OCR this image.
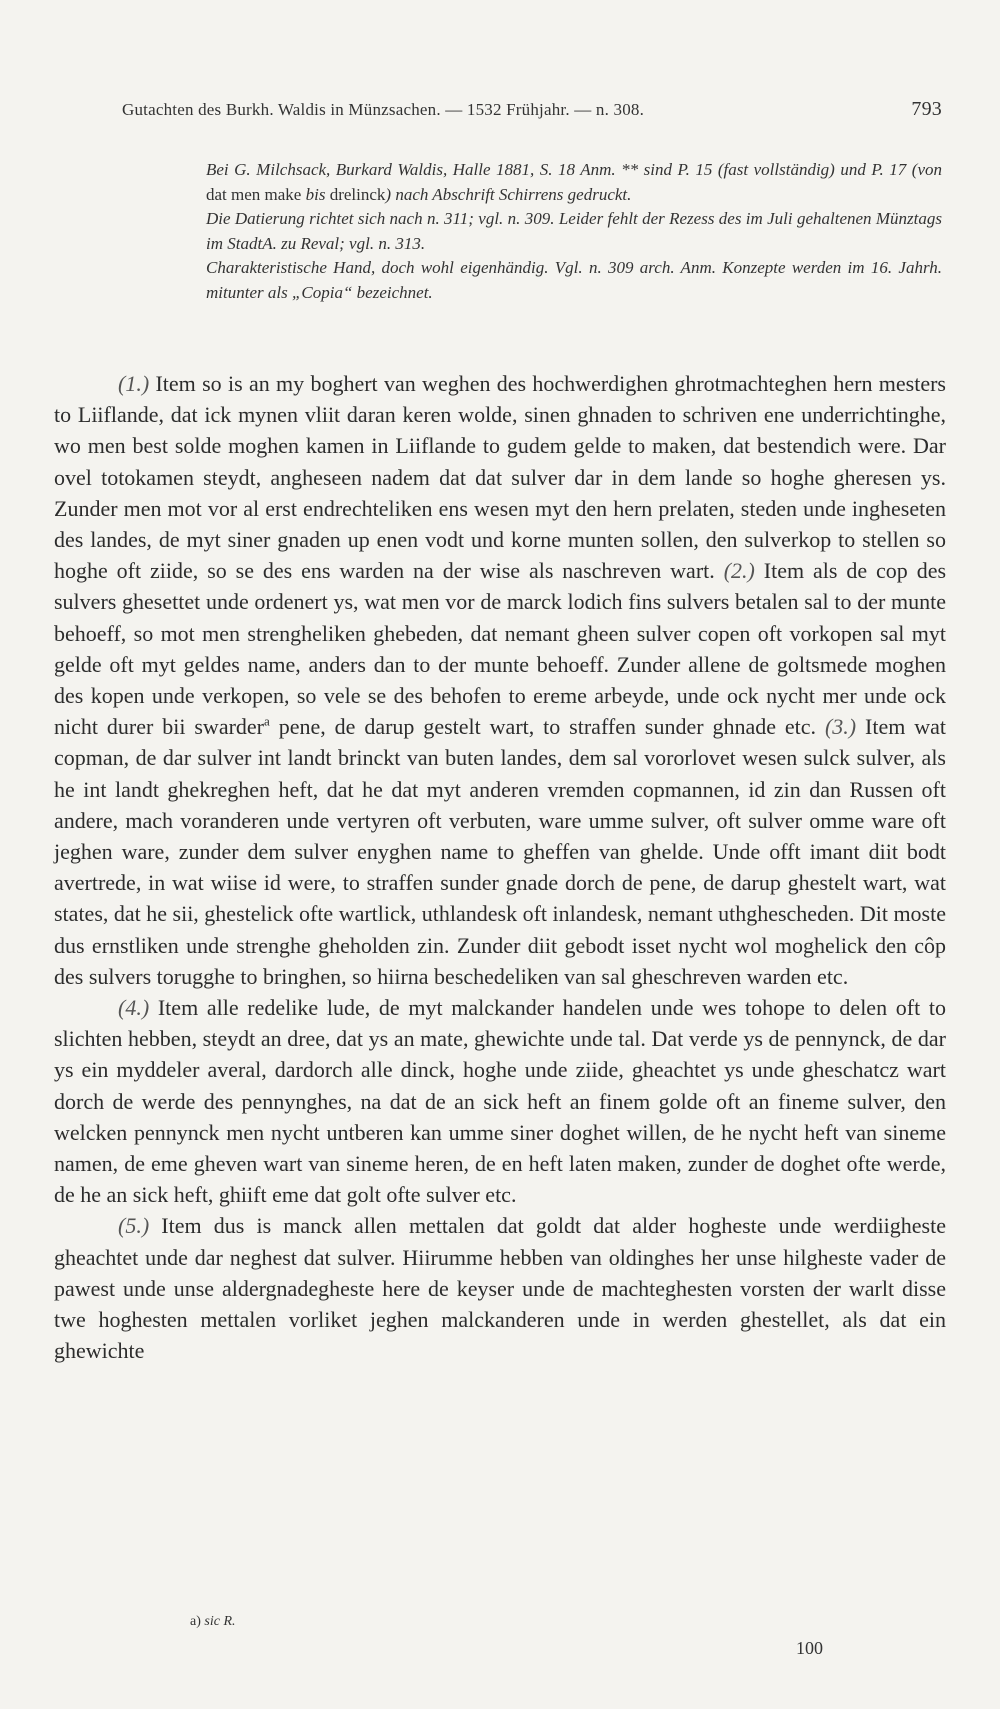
Gutachten des Burkh. Waldis in Münzsachen. — 1532 Frühjahr. — n. 308.	793

Bei G. Milchsack, Burkard Waldis, Halle 1881, S. 18 Anm. ** sind P. 15 (fast vollständig) und P. 17 (von dat men make bis drelinck) nach Abschrift Schirrens gedruckt.

Die Datierung richtet sich nach n. 311; vgl. n. 309. Leider fehlt der Rezess des im Juli gehaltenen Münztags im StadtA. zu Reval; vgl. n. 313.

Charakteristische Hand, doch wohl eigenhändig. Vgl. n. 309 arch. Anm. Konzepte werden im 16. Jahrh. mitunter als „Copia“ bezeichnet.

(1.) Item so is an my boghert van weghen des hochwerdighen ghrotmachteghen hern mesters to Liiflande, dat ick mynen vliit daran keren wolde, sinen ghnaden to schriven ene underrichtinghe, wo men best solde moghen kamen in Liiflande to gudem gelde to maken, dat bestendich were. Dar ovel totokamen steydt, angheseen nadem dat dat sulver dar in dem lande so hoghe gheresen ys. Zunder men mot vor al erst endrechteliken ens wesen myt den hern prelaten, steden unde ingheseten des landes, de myt siner gnaden up enen vodt und korne munten sollen, den sulverkop to stellen so hoghe oft ziide, so se des ens warden na der wise als naschreven wart. (2.) Item als de cop des sulvers ghesettet unde ordenert ys, wat men vor de marck lodich fins sulvers betalen sal to der munte behoeff, so mot men strengheliken ghebeden, dat nemant gheen sulver copen oft vorkopen sal myt gelde oft myt geldes name, anders dan to der munte behoeff. Zunder allene de goltsmede moghen des kopen unde verkopen, so vele se des behofen to ereme arbeyde, unde ock nycht mer unde ock nicht durer bii swarder$^a$ pene, de darup gestelt wart, to straffen sunder ghnade etc. (3.) Item wat copman, de dar sulver int landt brinckt van buten landes, dem sal vororlovet wesen sulck sulver, als he int landt ghekreghen heft, dat he dat myt anderen vremden copmannen, id zin dan Russen oft andere, mach voranderen unde vertyren oft verbuten, ware umme sulver, oft sulver omme ware oft jeghen ware, zunder dem sulver enyghen name to gheffen van ghelde. Unde offt imant diit bodt avertrede, in wat wiise id were, to straffen sunder gnade dorch de pene, de darup ghestelt wart, wat states, dat he sii, ghestelick ofte wartlick, uthlandesk oft inlandesk, nemant uthghescheden. Dit moste dus ernstliken unde strenghe gheholden zin. Zunder diit gebodt isset nycht wol moghelick den côp des sulvers torugghe to bringhen, so hiirna beschedeliken van sal gheschreven warden etc.

(4.) Item alle redelike lude, de myt malckander handelen unde wes tohope to delen oft to slichten hebben, steydt an dree, dat ys an mate, ghewichte unde tal. Dat verde ys de pennynck, de dar ys ein myddeler averal, dardorch alle dinck, hoghe unde ziide, gheachtet ys unde gheschatcz wart dorch de werde des pennynghes, na dat de an sick heft an finem golde oft an fineme sulver, den welcken pennynck men nycht untberen kan umme siner doghet willen, de he nycht heft van sineme namen, de eme gheven wart van sineme heren, de en heft laten maken, zunder de doghet ofte werde, de he an sick heft, ghiift eme dat golt ofte sulver etc.

(5.) Item dus is manck allen mettalen dat goldt dat alder hogheste unde werdiigheste gheachtet unde dar neghest dat sulver. Hiirumme hebben van oldinghes her unse hilgheste vader de pawest unde unse aldergnadegheste here de keyser unde de machteghesten vorsten der warlt disse twe hoghesten mettalen vorliket jeghen malckanderen unde in werden ghestellet, als dat ein ghewichte

a) sic R.
100
